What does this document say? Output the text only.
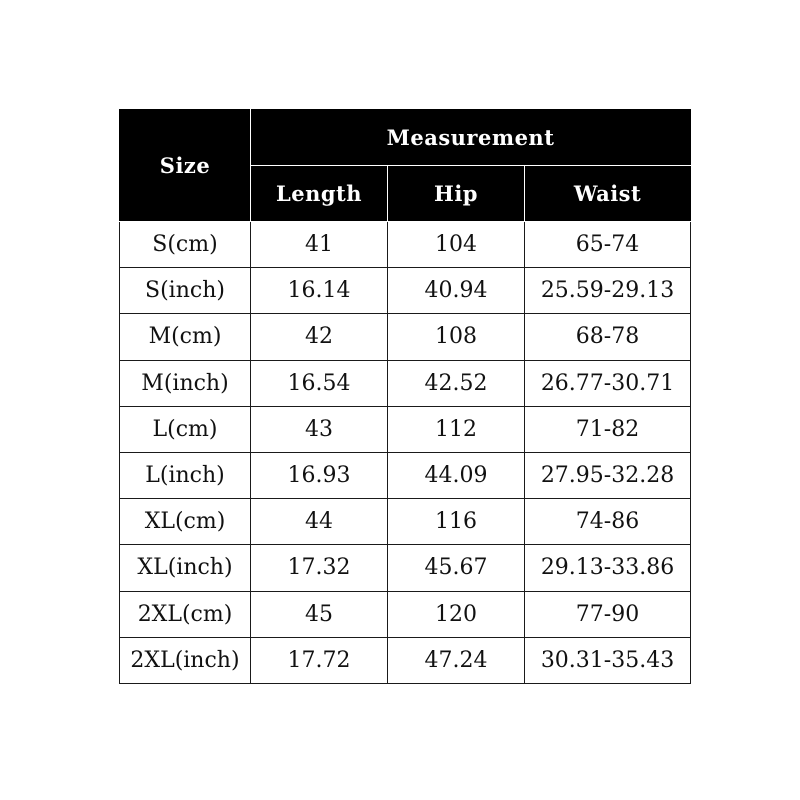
Size	Measurement		
	Length	Hip	Waist
S(cm)	41	104	65-74
S(inch)	16.14	40.94	25.59-29.13
M(cm)	42	108	68-78
M(inch)	16.54	42.52	26.77-30.71
L(cm)	43	112	71-82
L(inch)	16.93	44.09	27.95-32.28
XL(cm)	44	116	74-86
XL(inch)	17.32	45.67	29.13-33.86
2XL(cm)	45	120	77-90
2XL(inch)	17.72	47.24	30.31-35.43
